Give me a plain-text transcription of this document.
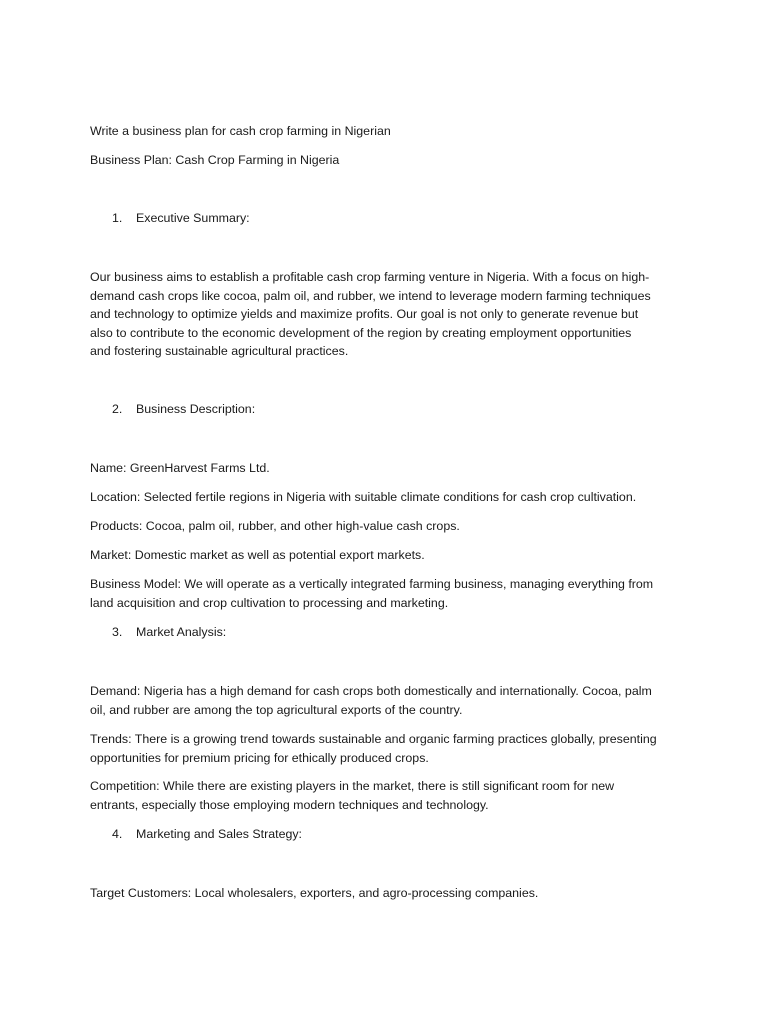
Write a business plan for cash crop farming in Nigerian

Business Plan: Cash Crop Farming in Nigeria

1. Executive Summary:
Our business aims to establish a profitable cash crop farming venture in Nigeria. With a focus on high-
demand cash crops like cocoa, palm oil, and rubber, we intend to leverage modern farming techniques
and technology to optimize yields and maximize profits. Our goal is not only to generate revenue but
also to contribute to the economic development of the region by creating employment opportunities
and fostering sustainable agricultural practices.
2. Business Description:

Name: GreenHarvest Farms Ltd.

Location: Selected fertile regions in Nigeria with suitable climate conditions for cash crop cultivation.

Products: Cocoa, palm oil, rubber, and other high-value cash crops.

Market: Domestic market as well as potential export markets.

Business Model: We will operate as a vertically integrated farming business, managing everything from
land acquisition and crop cultivation to processing and marketing.
3. Market Analysis:
Demand: Nigeria has a high demand for cash crops both domestically and internationally. Cocoa, palm
oil, and rubber are among the top agricultural exports of the country.
Trends: There is a growing trend towards sustainable and organic farming practices globally, presenting
opportunities for premium pricing for ethically produced crops.
Competition: While there are existing players in the market, there is still significant room for new
entrants, especially those employing modern techniques and technology.
4. Marketing and Sales Strategy:

Target Customers: Local wholesalers, exporters, and agro-processing companies.
